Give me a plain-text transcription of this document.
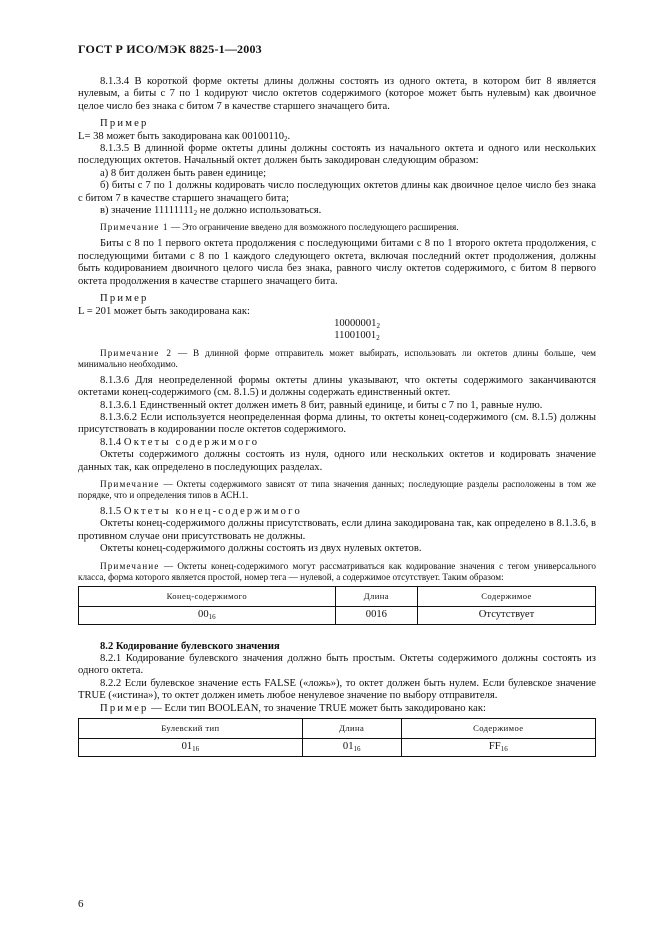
ГОСТ Р ИСО/МЭК 8825-1—2003

8.1.3.4 В короткой форме октеты длины должны состоять из одного октета, в котором бит 8 является нулевым, а биты с 7 по 1 кодируют число октетов содержимого (которое может быть нулевым) как двоичное целое число без знака с битом 7 в качестве старшего значащего бита.

Пример

L= 38 может быть закодирована как $00100110_2$.

8.1.3.5 В длинной форме октеты длины должны состоять из начального октета и одного или нескольких последующих октетов. Начальный октет должен быть закодирован следующим образом:

а) 8 бит должен быть равен единице;

б) биты с 7 по 1 должны кодировать число последующих октетов длины как двоичное целое число без знака с битом 7 в качестве старшего значащего бита;

в) значение $11111111_2$ не должно использоваться.

Примечание 1 — Это ограничение введено для возможного последующего расширения.

Биты с 8 по 1 первого октета продолжения с последующими битами с 8 по 1 второго октета продолжения, с последующими битами с 8 по 1 каждого следующего октета, включая последний октет продолжения, должны быть кодированием двоичного целого числа без знака, равного числу октетов содержимого, с битом 8 первого октета продолжения в качестве старшего значащего бита.

Пример

L = 201 может быть закодирована как:

$10000001_2$

$11001001_2$

Примечание 2 — В длинной форме отправитель может выбирать, использовать ли октетов длины больше, чем минимально необходимо.

8.1.3.6 Для неопределенной формы октеты длины указывают, что октеты содержимого заканчиваются октетами конец-содержимого (см. 8.1.5) и должны содержать единственный октет.

8.1.3.6.1 Единственный октет должен иметь 8 бит, равный единице, и биты с 7 по 1, равные нулю.

8.1.3.6.2 Если используется неопределенная форма длины, то октеты конец-содержимого (см. 8.1.5) должны присутствовать в кодировании после октетов содержимого.

8.1.4 Октеты содержимого

Октеты содержимого должны состоять из нуля, одного или нескольких октетов и кодировать значение данных так, как определено в последующих разделах.

Примечание — Октеты содержимого зависят от типа значения данных; последующие разделы расположены в том же порядке, что и определения типов в АСН.1.

8.1.5 Октеты конец-содержимого

Октеты конец-содержимого должны присутствовать, если длина закодирована так, как определено в 8.1.3.6, в противном случае они присутствовать не должны.

Октеты конец-содержимого должны состоять из двух нулевых октетов.

Примечание — Октеты конец-содержимого могут рассматриваться как кодирование значения с тегом универсального класса, форма которого является простой, номер тега — нулевой, а содержимое отсутствует. Таким образом:

Конец-содержимого	Длина	Содержимое
$00_{16}$	0016	Отсутствует

8.2 Кодирование булевского значения

8.2.1 Кодирование булевского значения должно быть простым. Октеты содержимого должны состоять из одного октета.

8.2.2 Если булевское значение есть FALSE («ложь»), то октет должен быть нулем. Если булевское значение TRUE («истина»), то октет должен иметь любое ненулевое значение по выбору отправителя.

Пример — Если тип BOOLEAN, то значение TRUE может быть закодировано как:

Булевский тип	Длина	Содержимое
$01_{16}$	$01_{16}$	$FF_{16}$
6
